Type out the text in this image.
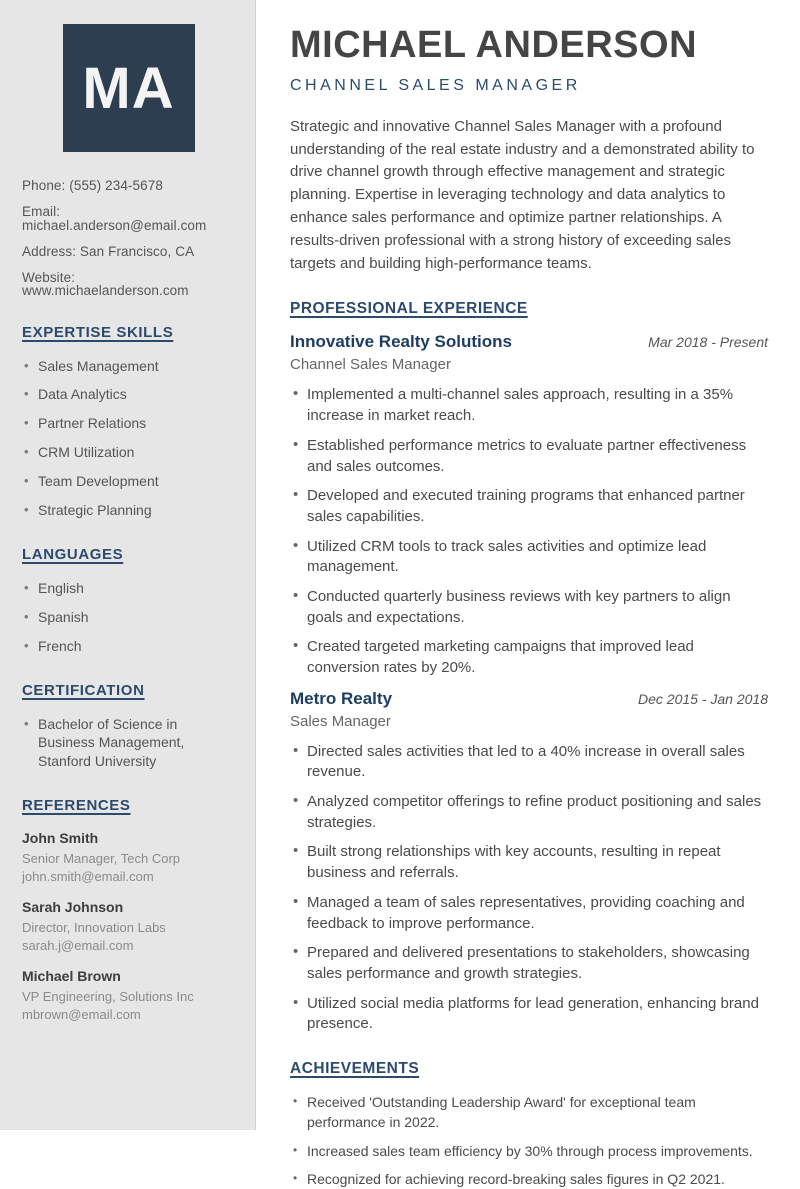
MA
Phone: (555) 234-5678
Email: michael.anderson@email.com
Address: San Francisco, CA
Website: www.michaelanderson.com
EXPERTISE SKILLS
• Sales Management
• Data Analytics
• Partner Relations
• CRM Utilization
• Team Development
• Strategic Planning
LANGUAGES
• English
• Spanish
• French
CERTIFICATION
• Bachelor of Science in Business Management, Stanford University
REFERENCES
John Smith
Senior Manager, Tech Corp
john.smith@email.com
Sarah Johnson
Director, Innovation Labs
sarah.j@email.com
Michael Brown
VP Engineering, Solutions Inc
mbrown@email.com
MICHAEL ANDERSON
CHANNEL SALES MANAGER

Strategic and innovative Channel Sales Manager with a profound understanding of the real estate industry and a demonstrated ability to drive channel growth through effective management and strategic planning. Expertise in leveraging technology and data analytics to enhance sales performance and optimize partner relationships. A results-driven professional with a strong history of exceeding sales targets and building high-performance teams.

PROFESSIONAL EXPERIENCE
Innovative Realty Solutions	Mar 2018 - Present
Channel Sales Manager
• Implemented a multi-channel sales approach, resulting in a 35% increase in market reach.
• Established performance metrics to evaluate partner effectiveness and sales outcomes.
• Developed and executed training programs that enhanced partner sales capabilities.
• Utilized CRM tools to track sales activities and optimize lead management.
• Conducted quarterly business reviews with key partners to align goals and expectations.
• Created targeted marketing campaigns that improved lead conversion rates by 20%.
Metro Realty	Dec 2015 - Jan 2018
Sales Manager
• Directed sales activities that led to a 40% increase in overall sales revenue.
• Analyzed competitor offerings to refine product positioning and sales strategies.
• Built strong relationships with key accounts, resulting in repeat business and referrals.
• Managed a team of sales representatives, providing coaching and feedback to improve performance.
• Prepared and delivered presentations to stakeholders, showcasing sales performance and growth strategies.
• Utilized social media platforms for lead generation, enhancing brand presence.
ACHIEVEMENTS
• Received 'Outstanding Leadership Award' for exceptional team performance in 2022.
• Increased sales team efficiency by 30% through process improvements.
• Recognized for achieving record-breaking sales figures in Q2 2021.
